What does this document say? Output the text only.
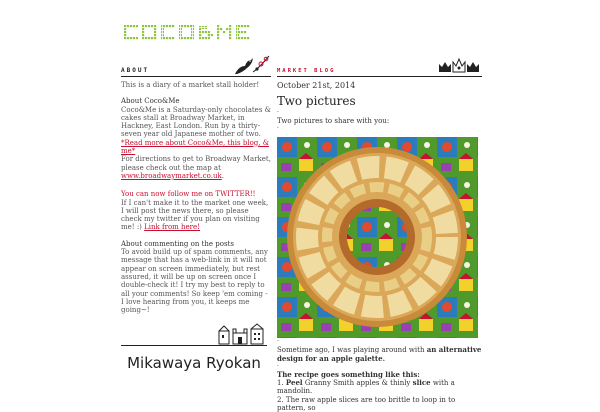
ABOUT

This is a diary of a market stall holder!

About Coco&Me

Coco&Me is a Saturday-only chocolates & cakes stall at Broadway Market, in Hackney, East London. Run by a thirty-seven year old Japanese mother of two. *Read more about Coco&Me, this blog, & me*

For directions to get to Broadway Market, please check out the map at www.broadwaymarket.co.uk.

You can now follow me on TWITTER!!

If I can't make it to the market one week, I will post the news there, so please check my twitter if you plan on visiting me! :) Link from here!

About commenting on the posts

To avoid build up of spam comments, any message that has a web-link in it will not appear on screen immediately, but rest assured, it will be up on screen once I double-check it! I try my best to reply to all your comments! So keep 'em coming - I love hearing from you, it keeps me going~!

Mikawaya Ryokan
MARKET BLOG
October 21st, 2014
Two pictures
·

Two pictures to share with you:

·
·

Sometime ago, I was playing around with an alternative design for an apple galette.

·

The recipe goes something like this:

1. Peel Granny Smith apples & thinly slice with a mandolin.

2. The raw apple slices are too brittle to loop in to pattern, so
